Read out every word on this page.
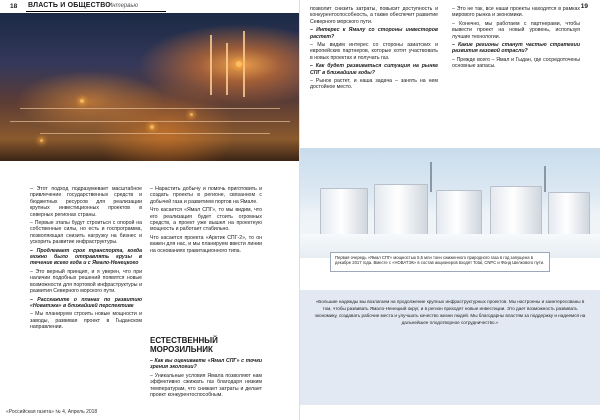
18 ВЛАСТЬ И ОБЩЕСТВО
Интервью

– Этот подход подразумевает масштабное привлечение государственных средств и бюджетных ресурсов для реализации крупных инвестиционных проектов в северных регионах страны.

– Первые этапы будут строиться с опорой на собственные силы, но есть и госпрограмма, позволяющая снизить нагрузку на бизнес и ускорить развитие инфраструктуры.

– Продлевает срок транспорта, когда можно было отправлять грузы в течение всего года и с Ямало-Ненецкого

– Это верный принцип, и я уверен, что при наличии подобных решений появятся новые возможности для портовой инфраструктуры и развития Северного морского пути.

– Расскажите о планах по развитию «Новатэка» в ближайшей перспективе

– Мы планируем строить новые мощности и заводы, развивая проект в Гыданском направлении.

– Нарастить добычу и помочь приготовить и создать проекты в регионе, связанном с добычей газа и развитием портов на Ямале.

Что касается «Ямал СПГ», то мы видим, что его реализация будет стоить огромных средств, а проект уже вышел на проектную мощность и работает стабильно.

Что касается проекта «Арктик СПГ-2», то он важен для нас, и мы планируем ввести линии на основаниях гравитационного типа.

ЕСТЕСТВЕННЫЙ МОРОЗИЛЬНИК

– Как вы оцениваете «Ямал СПГ» с точки зрения экологии?

– Уникальные условия Ямала позволяют нам эффективно сжижать газ благодаря низким температурам, что снижает затраты и делает проект конкурентоспособным.

«Российская газета» № 4, Апрель 2018
19

позволит снизить затраты, повысит доступность и конкурентоспособность, а также обеспечит развитие Северного морского пути.

– Интерес к Ямалу со стороны инвесторов растет?

– Мы видим интерес со стороны азиатских и европейских партнеров, которые хотят участвовать в новых проектах и получать газ.

– Как будет развиваться ситуация на рынке СПГ в ближайшие годы?

– Рынок растет, и наша задача – занять на нем достойное место.

– Это не так, все наши проекты находятся в рамках мирового рынка и экономики.

– Конечно, мы работаем с партнерами, чтобы вывести проект на новый уровень, используя лучшие технологии.

– Какие регионы станут частью стратегии развития газовой отрасли?

– Прежде всего – Ямал и Гыдан, где сосредоточены основные запасы.

Первая очередь «Ямал СПГ» мощностью 5,5 млн тонн сжиженного природного газа в год запущена в декабре 2017 года. Вместе с «НОВАТЭК» в состав акционеров входят Total, CNPC и Фонд Шелкового пути.
«Большие надежды мы возлагаем на продолжение крупных инфраструктурных проектов. Мы настроены и заинтересованы в том, чтобы развивать Ямало-Ненецкий округ, и в регион приходят новые инвестиции. Это дает возможность развивать экономику, создавать рабочие места и улучшать качество жизни людей. Мы благодарны властям за поддержку и надеемся на дальнейшее плодотворное сотрудничество.»
